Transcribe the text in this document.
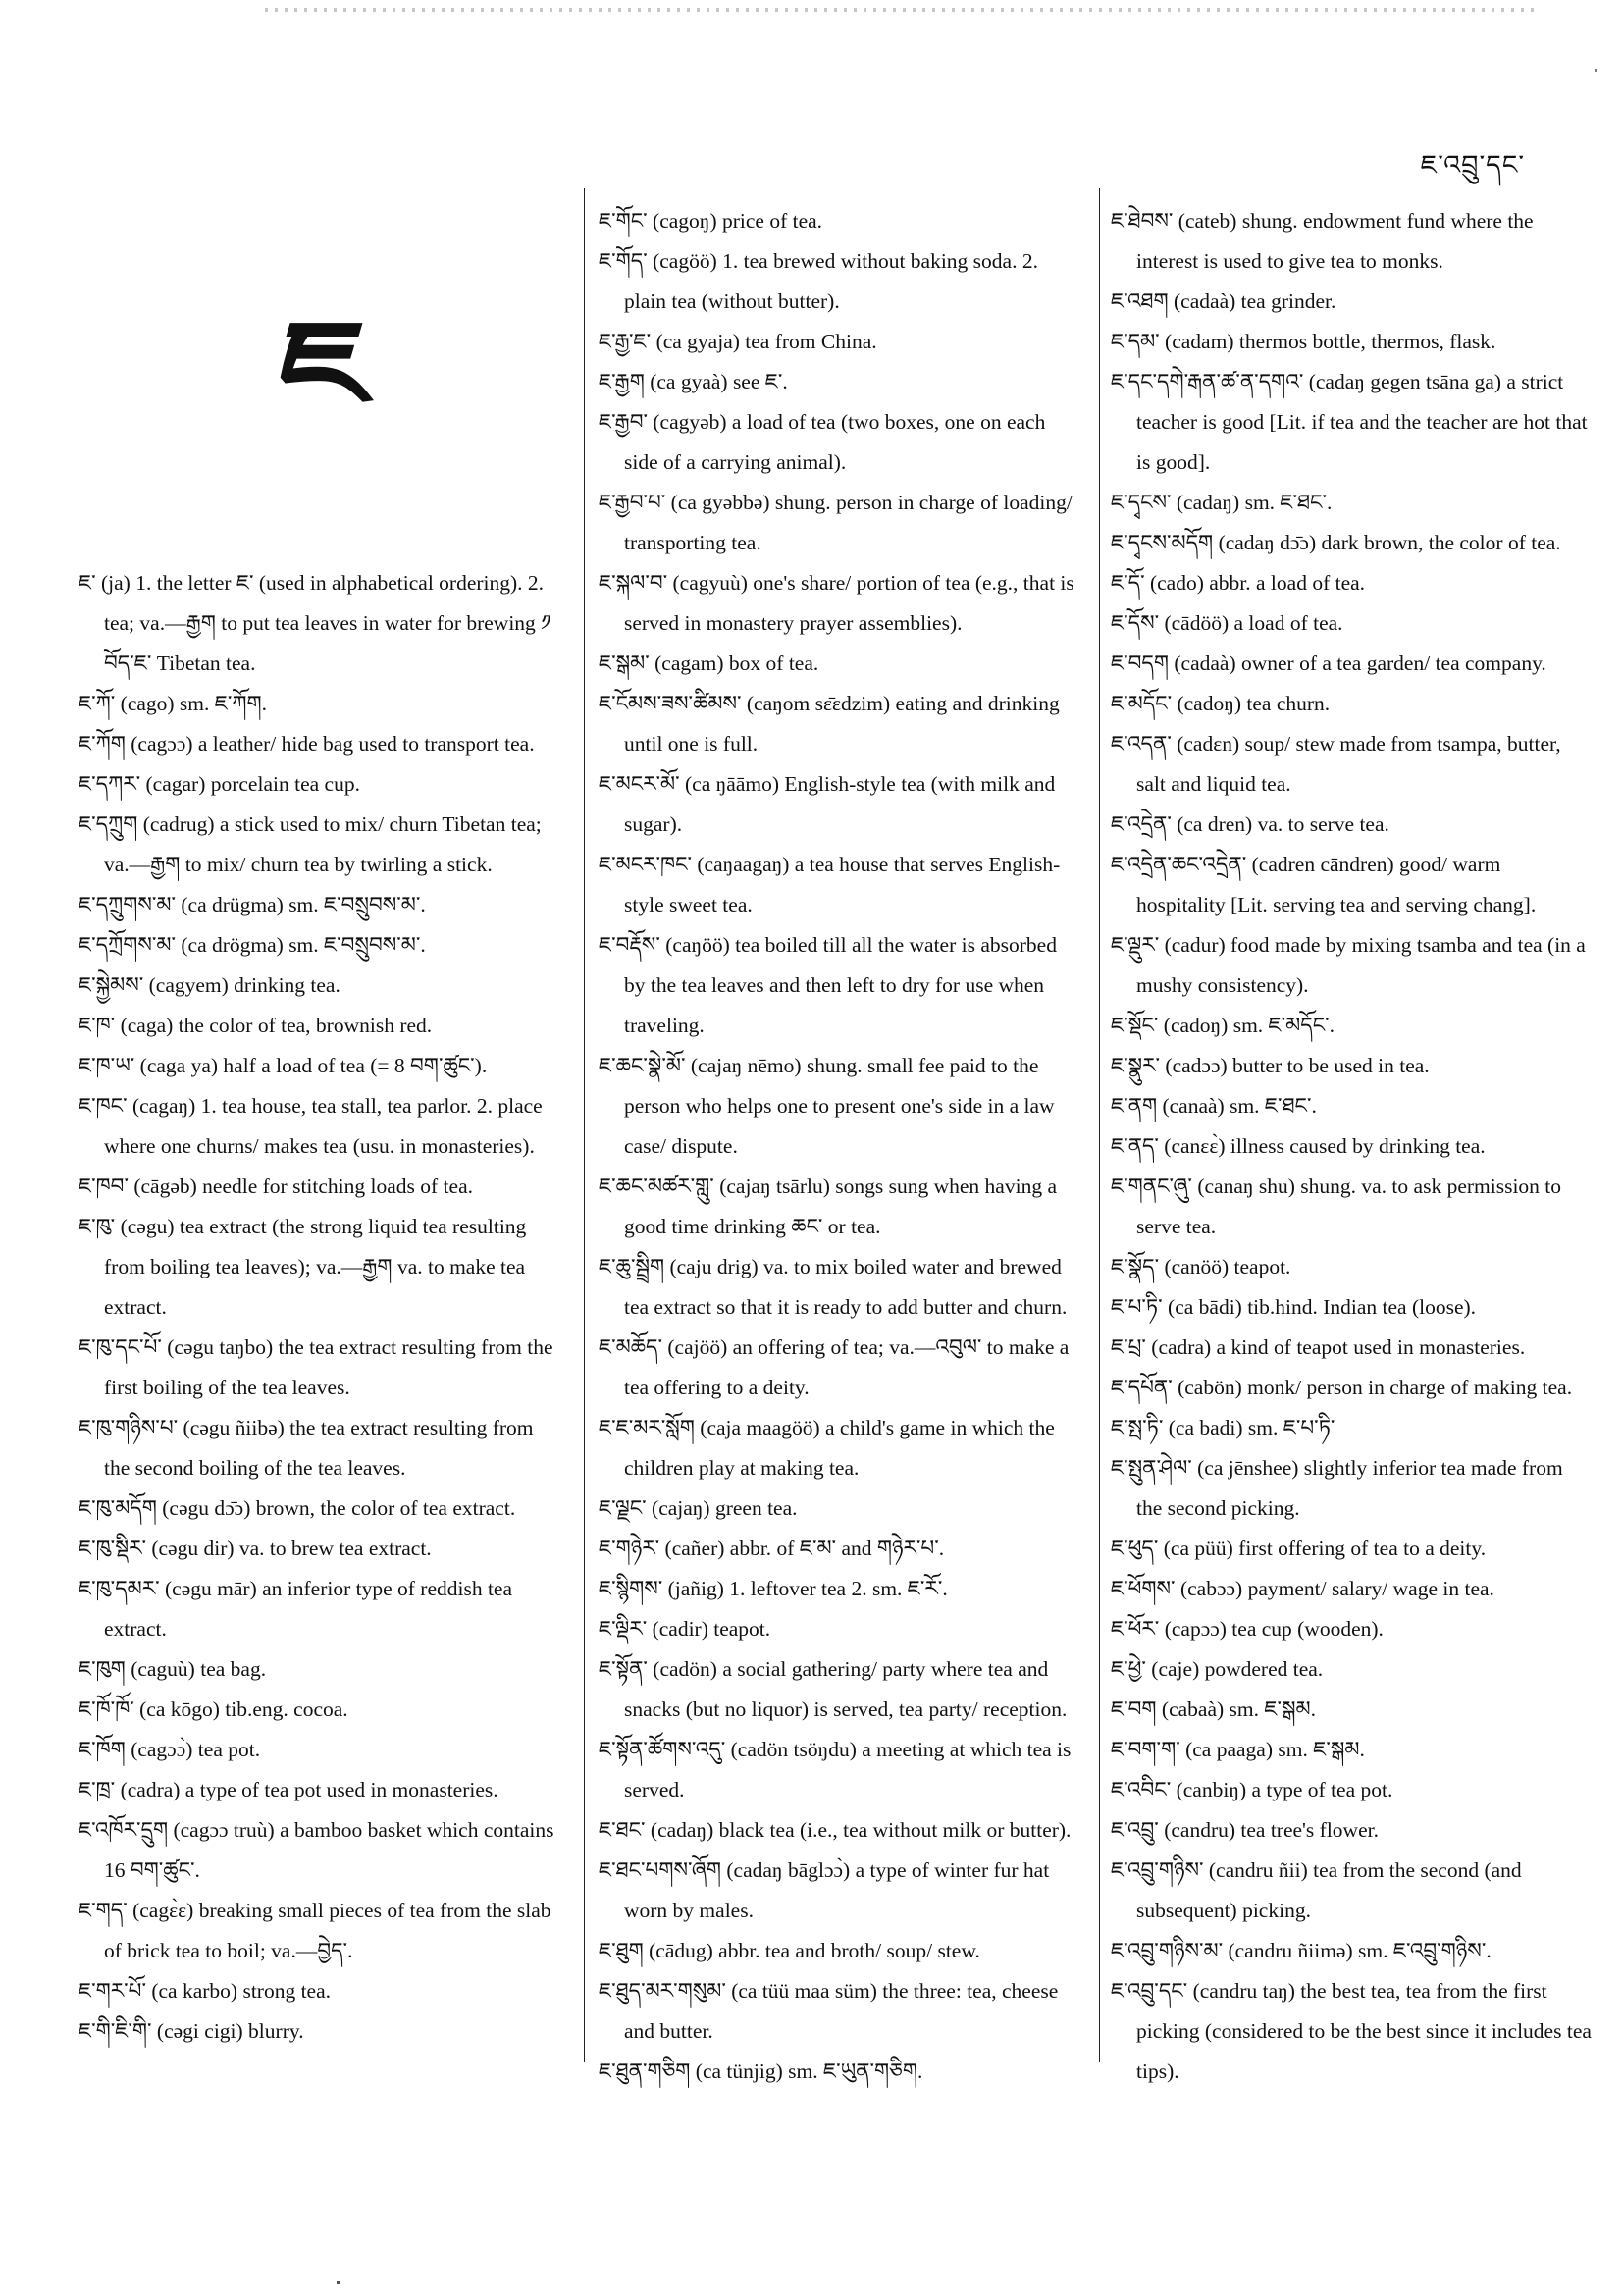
ཇ་འབྲུ་དང་
ཇ

ཇ་ (ja) 1. the letter ཇ་ (used in alphabetical ordering). 2. tea; va.—རྒྱག to put tea leaves in water for brewing ༡ བོད་ཇ་ Tibetan tea.

ཇ་ཀོ་ (cago) sm. ཇ་ཀོག.

ཇ་ཀོག (cagɔɔ) a leather/ hide bag used to transport tea.

ཇ་དཀར་ (cagar) porcelain tea cup.

ཇ་དཀྲུག (cadrug) a stick used to mix/ churn Tibetan tea; va.—རྒྱག to mix/ churn tea by twirling a stick.

ཇ་དཀྲུགས་མ་ (ca drügma) sm. ཇ་བསྲུབས་མ་.

ཇ་དཀྲོགས་མ་ (ca drögma) sm. ཇ་བསྲུབས་མ་.

ཇ་སྐྱེམས་ (cagyem) drinking tea.

ཇ་ཁ་ (caga) the color of tea, brownish red.

ཇ་ཁ་ཡ་ (caga ya) half a load of tea (= 8 བག་ཚུང་).

ཇ་ཁང་ (cagaŋ) 1. tea house, tea stall, tea parlor. 2. place where one churns/ makes tea (usu. in monasteries).

ཇ་ཁབ་ (cāgəb) needle for stitching loads of tea.

ཇ་ཁུ་ (cəgu) tea extract (the strong liquid tea resulting from boiling tea leaves); va.—རྒྱག va. to make tea extract.

ཇ་ཁུ་དང་པོ་ (cəgu taŋbo) the tea extract resulting from the first boiling of the tea leaves.

ཇ་ཁུ་གཉིས་པ་ (cəgu ñiibə) the tea extract resulting from the second boiling of the tea leaves.

ཇ་ཁུ་མདོག (cəgu dɔ̄ɔ) brown, the color of tea extract.

ཇ་ཁུ་སྡིར་ (cəgu dir) va. to brew tea extract.

ཇ་ཁུ་དམར་ (cəgu mār) an inferior type of reddish tea extract.

ཇ་ཁུག (caguù) tea bag.

ཇ་ཁོ་ཁོ་ (ca kōgo) tib.eng. cocoa.

ཇ་ཁོག (cagɔɔ̀) tea pot.

ཇ་ཁྲ་ (cadra) a type of tea pot used in monasteries.

ཇ་འཁོར་དྲུག (cagɔɔ truù) a bamboo basket which contains 16 བག་ཚུང་.

ཇ་གད་ (cagɛ̀ɛ) breaking small pieces of tea from the slab of brick tea to boil; va.—བྱེད་.

ཇ་གར་པོ་ (ca karbo) strong tea.

ཇ་གི་ཇི་གི་ (cəgi cigi) blurry.

ཇ་གོང་ (cagoŋ) price of tea.

ཇ་གོད་ (cagöö) 1. tea brewed without baking soda. 2. plain tea (without butter).

ཇ་རྒྱ་ཇ་ (ca gyaja) tea from China.

ཇ་རྒྱག (ca gyaà) see ཇ་.

ཇ་རྒྱབ་ (cagyəb) a load of tea (two boxes, one on each side of a carrying animal).

ཇ་རྒྱབ་པ་ (ca gyəbbə) shung. person in charge of loading/ transporting tea.

ཇ་སྐལ་བ་ (cagyuù) one's share/ portion of tea (e.g., that is served in monastery prayer assemblies).

ཇ་སྒམ་ (cagam) box of tea.

ཇ་ངོམས་ཟས་ཚིམས་ (caŋom sɛ̄ɛdzim) eating and drinking until one is full.

ཇ་མངར་མོ་ (ca ŋāāmo) English-style tea (with milk and sugar).

ཇ་མངར་ཁང་ (caŋaagaŋ) a tea house that serves English-style sweet tea.

ཇ་བརྡོས་ (caŋöö) tea boiled till all the water is absorbed by the tea leaves and then left to dry for use when traveling.

ཇ་ཆང་སྣེ་མོ་ (cajaŋ nēmo) shung. small fee paid to the person who helps one to present one's side in a law case/ dispute.

ཇ་ཆང་མཚར་གླུ་ (cajaŋ tsārlu) songs sung when having a good time drinking ཆང་ or tea.

ཇ་ཆུ་སྦྲིག (caju drig) va. to mix boiled water and brewed tea extract so that it is ready to add butter and churn.

ཇ་མཆོད་ (cajöö) an offering of tea; va.—འབུལ་ to make a tea offering to a deity.

ཇ་ཇ་མར་སློག (caja maagöö) a child's game in which the children play at making tea.

ཇ་ལྗང་ (cajaŋ) green tea.

ཇ་གཉེར་ (cañer) abbr. of ཇ་མ་ and གཉེར་པ་.

ཇ་སྙིགས་ (jañig) 1. leftover tea 2. sm. ཇ་རོ་.

ཇ་ལྡིར་ (cadir) teapot.

ཇ་སྟོན་ (cadön) a social gathering/ party where tea and snacks (but no liquor) is served, tea party/ reception.

ཇ་སྟོན་ཚོགས་འདུ་ (cadön tsöŋdu) a meeting at which tea is served.

ཇ་ཐང་ (cadaŋ) black tea (i.e., tea without milk or butter).

ཇ་ཐང་པགས་ཞོག (cadaŋ bāglɔɔ̀) a type of winter fur hat worn by males.

ཇ་ཐུག (cādug) abbr. tea and broth/ soup/ stew.

ཇ་ཐུད་མར་གསུམ་ (ca tüü maa süm) the three: tea, cheese and butter.

ཇ་ཐུན་གཅིག (ca tünjig) sm. ཇ་ཡུན་གཅིག.

ཇ་ཐེབས་ (cateb) shung. endowment fund where the interest is used to give tea to monks.

ཇ་འཐག (cadaà) tea grinder.

ཇ་དམ་ (cadam) thermos bottle, thermos, flask.

ཇ་དང་དགེ་རྒན་ཚ་ན་དགའ་ (cadaŋ gegen tsāna ga) a strict teacher is good [Lit. if tea and the teacher are hot that is good].

ཇ་དྭངས་ (cadaŋ) sm. ཇ་ཐང་.

ཇ་དྭངས་མདོག (cadaŋ dɔ̄ɔ) dark brown, the color of tea.

ཇ་དོ་ (cado) abbr. a load of tea.

ཇ་དོས་ (cādöö) a load of tea.

ཇ་བདག (cadaà) owner of a tea garden/ tea company.

ཇ་མདོང་ (cadoŋ) tea churn.

ཇ་འདན་ (cadɛn) soup/ stew made from tsampa, butter, salt and liquid tea.

ཇ་འདྲེན་ (ca dren) va. to serve tea.

ཇ་འདྲེན་ཆང་འདྲེན་ (cadren cāndren) good/ warm hospitality [Lit. serving tea and serving chang].

ཇ་ལྡུར་ (cadur) food made by mixing tsamba and tea (in a mushy consistency).

ཇ་སྡོང་ (cadoŋ) sm. ཇ་མདོང་.

ཇ་སྣུར་ (cadɔɔ) butter to be used in tea.

ཇ་ནག (canaà) sm. ཇ་ཐང་.

ཇ་ནད་ (canɛɛ̀) illness caused by drinking tea.

ཇ་གནང་ཞུ་ (canaŋ shu) shung. va. to ask permission to serve tea.

ཇ་སྣོད་ (canöö) teapot.

ཇ་པ་ཏི་ (ca bādi) tib.hind. Indian tea (loose).

ཇ་པྲ་ (cadra) a kind of teapot used in monasteries.

ཇ་དཔོན་ (cabön) monk/ person in charge of making tea.

ཇ་སྤ་ཏི་ (ca badi) sm. ཇ་པ་ཏི་

ཇ་སྤུན་ཤེལ་ (ca jēnshee) slightly inferior tea made from the second picking.

ཇ་ཕུད་ (ca püü) first offering of tea to a deity.

ཇ་ཕོགས་ (cabɔɔ) payment/ salary/ wage in tea.

ཇ་ཕོར་ (capɔɔ) tea cup (wooden).

ཇ་ཕྱེ་ (caje) powdered tea.

ཇ་བག (cabaà) sm. ཇ་སྒམ.

ཇ་བག་ག་ (ca paaga) sm. ཇ་སྒམ.

ཇ་འབིང་ (canbiŋ) a type of tea pot.

ཇ་འབྲུ་ (candru) tea tree's flower.

ཇ་འབྲུ་གཉིས་ (candru ñii) tea from the second (and subsequent) picking.

ཇ་འབྲུ་གཉིས་མ་ (candru ñiimə) sm. ཇ་འབྲུ་གཉིས་.

ཇ་འབྲུ་དང་ (candru taŋ) the best tea, tea from the first picking (considered to be the best since it includes tea tips).
